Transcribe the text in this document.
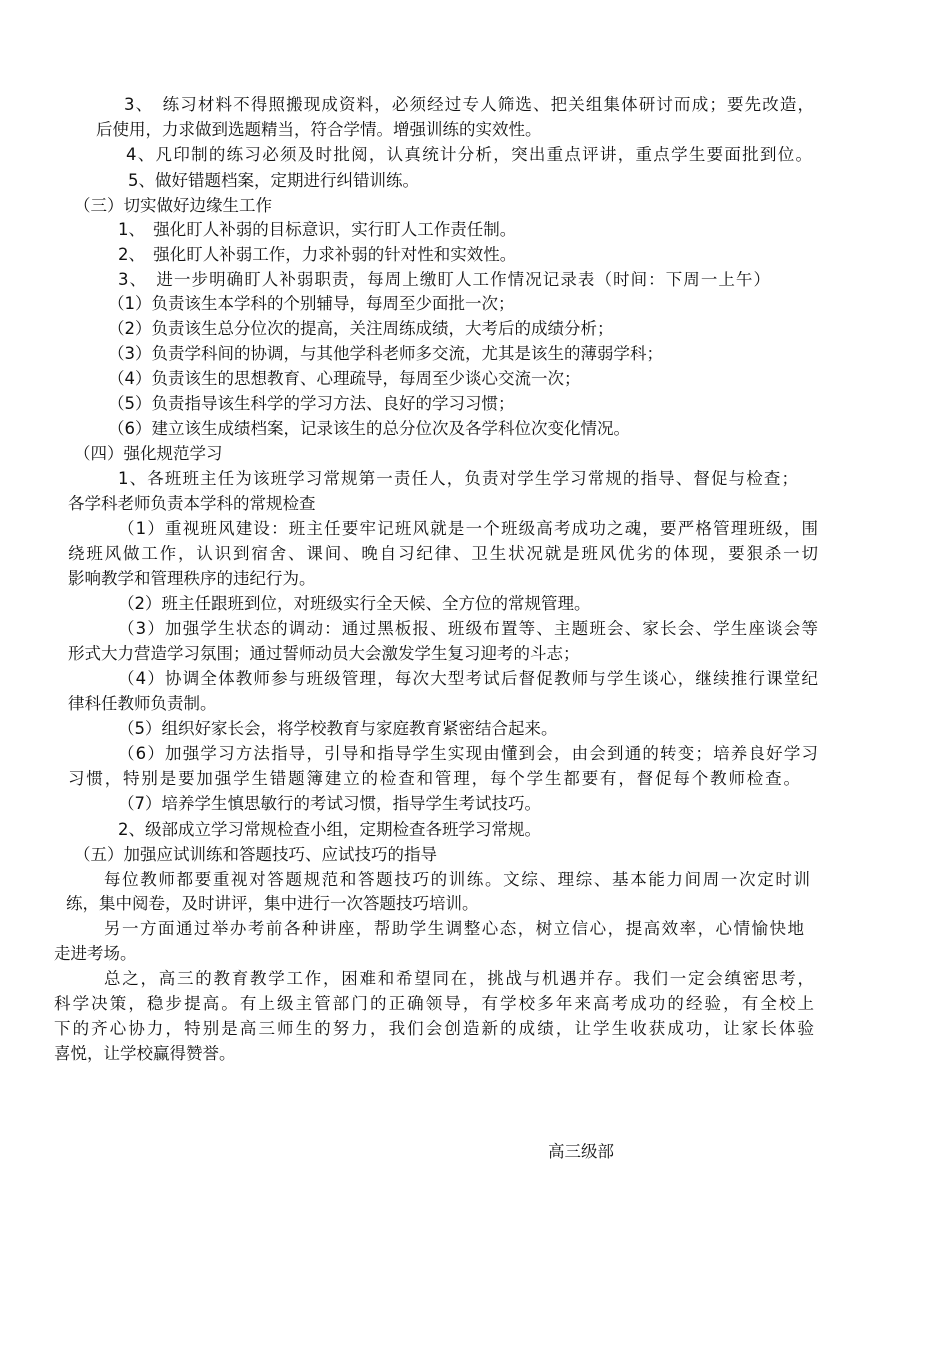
3、　练习材料不得照搬现成资料，必须经过专人筛选、把关组集体研讨而成；要先改造，
后使用，力求做到选题精当，符合学情。增强训练的实效性。
4、凡印制的练习必须及时批阅，认真统计分析，突出重点评讲，重点学生要面批到位。
5、做好错题档案，定期进行纠错训练。
（三）切实做好边缘生工作
1、　强化盯人补弱的目标意识，实行盯人工作责任制。
2、　强化盯人补弱工作，力求补弱的针对性和实效性。
3、　进一步明确盯人补弱职责，每周上缴盯人工作情况记录表（时间：下周一上午）
（1）负责该生本学科的个别辅导，每周至少面批一次；
（2）负责该生总分位次的提高，关注周练成绩，大考后的成绩分析；
（3）负责学科间的协调，与其他学科老师多交流，尤其是该生的薄弱学科；
（4）负责该生的思想教育、心理疏导，每周至少谈心交流一次；
（5）负责指导该生科学的学习方法、良好的学习习惯；
（6）建立该生成绩档案，记录该生的总分位次及各学科位次变化情况。
（四）强化规范学习
1、各班班主任为该班学习常规第一责任人，负责对学生学习常规的指导、督促与检查；
各学科老师负责本学科的常规检查
（1）重视班风建设：班主任要牢记班风就是一个班级高考成功之魂，要严格管理班级，围
绕班风做工作，认识到宿舍、课间、晚自习纪律、卫生状况就是班风优劣的体现，要狠杀一切
影响教学和管理秩序的违纪行为。
（2）班主任跟班到位，对班级实行全天候、全方位的常规管理。
（3）加强学生状态的调动：通过黑板报、班级布置等、主题班会、家长会、学生座谈会等
形式大力营造学习氛围；通过誓师动员大会激发学生复习迎考的斗志；
（4）协调全体教师参与班级管理，每次大型考试后督促教师与学生谈心，继续推行课堂纪
律科任教师负责制。
（5）组织好家长会，将学校教育与家庭教育紧密结合起来。
（6）加强学习方法指导，引导和指导学生实现由懂到会，由会到通的转变；培养良好学习
习惯，特别是要加强学生错题簿建立的检查和管理，每个学生都要有，督促每个教师检查。
（7）培养学生慎思敏行的考试习惯，指导学生考试技巧。
2、级部成立学习常规检查小组，定期检查各班学习常规。
（五）加强应试训练和答题技巧、应试技巧的指导
每位教师都要重视对答题规范和答题技巧的训练。文综、理综、基本能力间周一次定时训
练，集中阅卷，及时讲评，集中进行一次答题技巧培训。
另一方面通过举办考前各种讲座，帮助学生调整心态，树立信心，提高效率，心情愉快地
走进考场。
总之，高三的教育教学工作，困难和希望同在，挑战与机遇并存。我们一定会缜密思考，
科学决策，稳步提高。有上级主管部门的正确领导，有学校多年来高考成功的经验，有全校上
下的齐心协力，特别是高三师生的努力，我们会创造新的成绩，让学生收获成功，让家长体验
喜悦，让学校赢得赞誉。
高三级部
